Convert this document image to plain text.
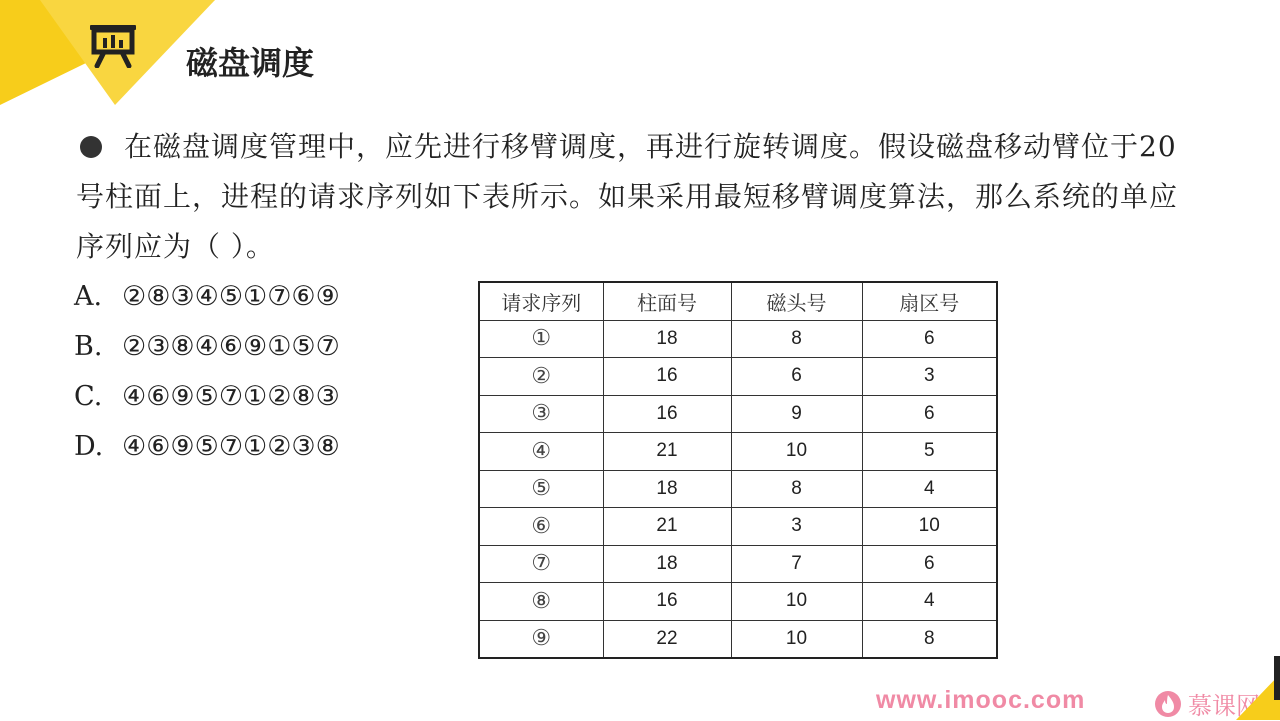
磁盘调度
在磁盘调度管理中，应先进行移臂调度，再进行旋转调度。假设磁盘移动臂位于20号柱面上，进程的请求序列如下表所示。如果采用最短移臂调度算法，那么系统的单应序列应为（ ）。
A. ②⑧③④⑤①⑦⑥⑨
B. ②③⑧④⑥⑨①⑤⑦
C. ④⑥⑨⑤⑦①②⑧③
D. ④⑥⑨⑤⑦①②③⑧
请求序列	柱面号	磁头号	扇区号
①	18	8	6
②	16	6	3
③	16	9	6
④	21	10	5
⑤	18	8	4
⑥	21	3	10
⑦	18	7	6
⑧	16	10	4
⑨	22	10	8
www.imooc.com	慕课网
